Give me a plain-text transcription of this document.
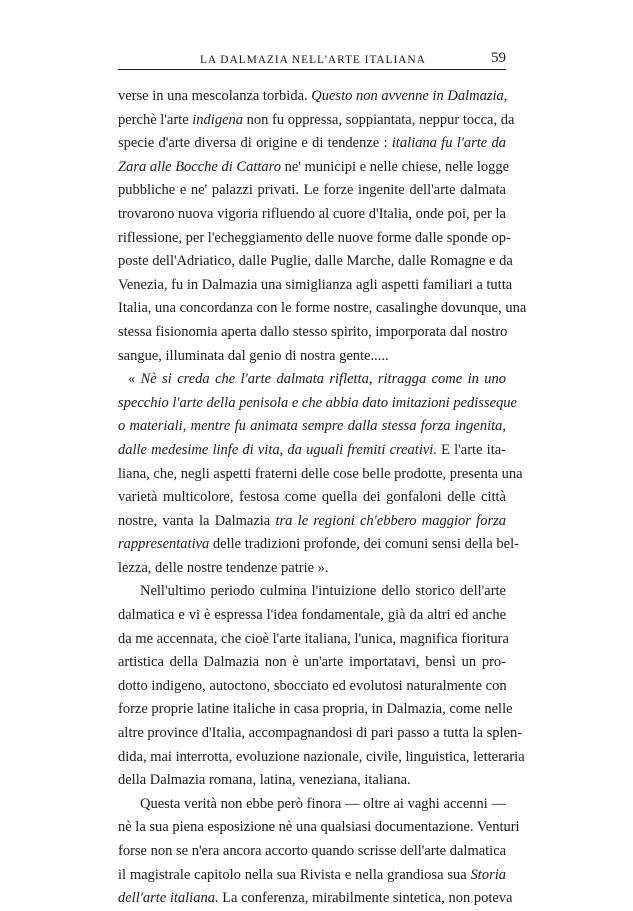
LA DALMAZIA NELL'ARTE ITALIANA	59
verse in una mescolanza torbida. Questo non avvenne in Dalmazia,
perchè l'arte indigena non fu oppressa, soppiantata, neppur tocca, da
specie d'arte diversa di origine e di tendenze : italiana fu l'arte da
Zara alle Bocche di Cattaro ne' municipi e nelle chiese, nelle logge
pubbliche e ne' palazzi privati. Le forze ingenite dell'arte dalmata
trovarono nuova vigoria rifluendo al cuore d'Italia, onde poi, per la
riflessione, per l'echeggiamento delle nuove forme dalle sponde op-
poste dell'Adriatico, dalle Puglie, dalle Marche, dalle Romagne e da
Venezia, fu in Dalmazia una simiglianza agli aspetti familiari a tutta
Italia, una concordanza con le forme nostre, casalinghe dovunque, una
stessa fisionomia aperta dallo stesso spirito, imporporata dal nostro
sangue, illuminata dal genio di nostra gente.....
« Nè si creda che l'arte dalmata rifletta, ritragga come in uno
specchio l'arte della penisola e che abbia dato imitazioni pedisseque
o materiali, mentre fu animata sempre dalla stessa forza ingenita,
dalle medesime linfe di vita, da uguali fremiti creativi. E l'arte ita-
liana, che, negli aspetti fraterni delle cose belle prodotte, presenta una
varietà multicolore, festosa come quella dei gonfaloni delle città
nostre, vanta la Dalmazia tra le regioni ch'ebbero maggior forza
rappresentativa delle tradizioni profonde, dei comuni sensi della bel-
lezza, delle nostre tendenze patrie ».
Nell'ultimo periodo culmina l'intuizione dello storico dell'arte
dalmatica e vi è espressa l'idea fondamentale, già da altri ed anche
da me accennata, che cioè l'arte italiana, l'unica, magnifica fioritura
artistica della Dalmazia non è un'arte importatavi, bensì un pro-
dotto indigeno, autoctono, sbocciato ed evolutosi naturalmente con
forze proprie latine italiche in casa propria, in Dalmazia, come nelle
altre province d'Italia, accompagnandosi di pari passo a tutta la splen-
dida, mai interrotta, evoluzione nazionale, civile, linguistica, letteraria
della Dalmazia romana, latina, veneziana, italiana.
Questa verità non ebbe però finora — oltre ai vaghi accenni —
nè la sua piena esposizione nè una qualsiasi documentazione. Venturi
forse non se n'era ancora accorto quando scrisse dell'arte dalmatica
il magistrale capitolo nella sua Rivista e nella grandiosa sua Storia
dell'arte italiana. La conferenza, mirabilmente sintetica, non poteva
